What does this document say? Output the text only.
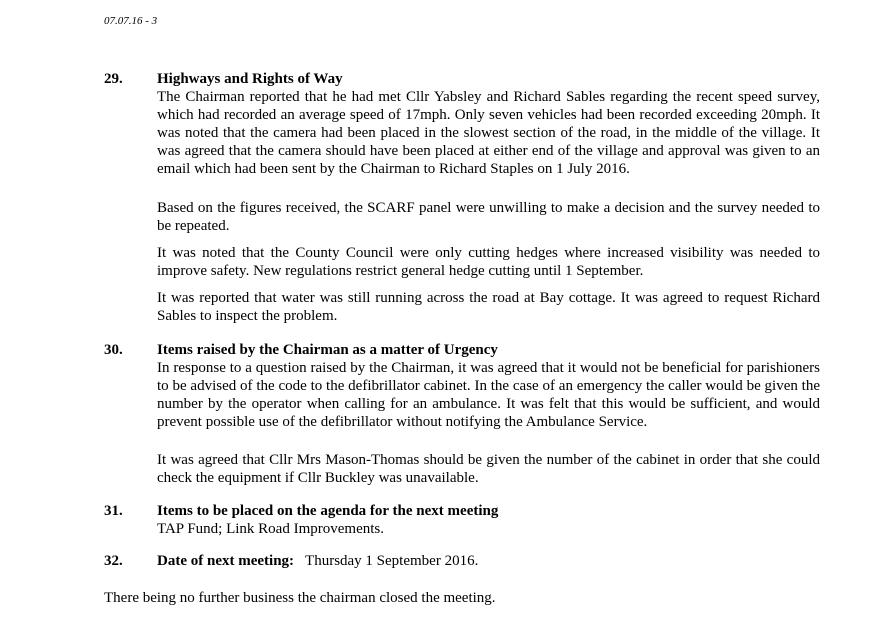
07.07.16 - 3
29. Highways and Rights of Way

The Chairman reported that he had met Cllr Yabsley and Richard Sables regarding the recent speed survey, which had recorded an average speed of 17mph. Only seven vehicles had been recorded exceeding 20mph. It was noted that the camera had been placed in the slowest section of the road, in the middle of the village. It was agreed that the camera should have been placed at either end of the village and approval was given to an email which had been sent by the Chairman to Richard Staples on 1 July 2016.

Based on the figures received, the SCARF panel were unwilling to make a decision and the survey needed to be repeated.

It was noted that the County Council were only cutting hedges where increased visibility was needed to improve safety. New regulations restrict general hedge cutting until 1 September.

It was reported that water was still running across the road at Bay cottage. It was agreed to request Richard Sables to inspect the problem.

30. Items raised by the Chairman as a matter of Urgency

In response to a question raised by the Chairman, it was agreed that it would not be beneficial for parishioners to be advised of the code to the defibrillator cabinet. In the case of an emergency the caller would be given the number by the operator when calling for an ambulance. It was felt that this would be sufficient, and would prevent possible use of the defibrillator without notifying the Ambulance Service.

It was agreed that Cllr Mrs Mason-Thomas should be given the number of the cabinet in order that she could check the equipment if Cllr Buckley was unavailable.

31. Items to be placed on the agenda for the next meeting

TAP Fund; Link Road Improvements.

32. Date of next meeting: Thursday 1 September 2016.
There being no further business the chairman closed the meeting.
